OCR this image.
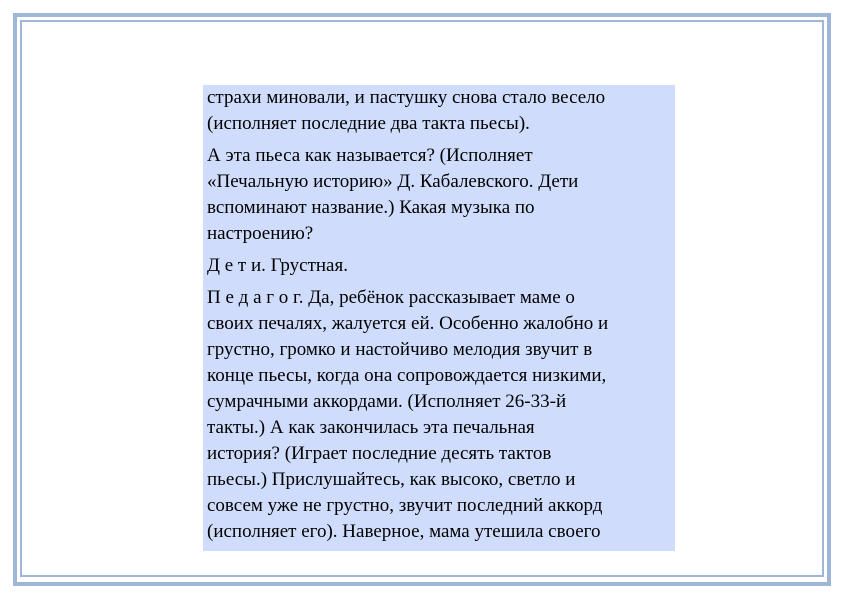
страхи миновали, и пастушку снова стало весело
(исполняет последние два такта пьесы).

А эта пьеса как называется? (Исполняет
«Печальную историю» Д. Кабалевского. Дети
вспоминают название.) Какая музыка по
настроению?

Д е т и. Грустная.

П е д а г о г. Да, ребёнок рассказывает маме о
своих печалях, жалуется ей. Особенно жалобно и
грустно, громко и настойчиво мелодия звучит в
конце пьесы, когда она сопровождается низкими,
сумрачными аккордами. (Исполняет 26-33-й
такты.) А как закончилась эта печальная
история? (Играет последние десять тактов
пьесы.) Прислушайтесь, как высоко, светло и
совсем уже не грустно, звучит последний аккорд
(исполняет его). Наверное, мама утешила своего
